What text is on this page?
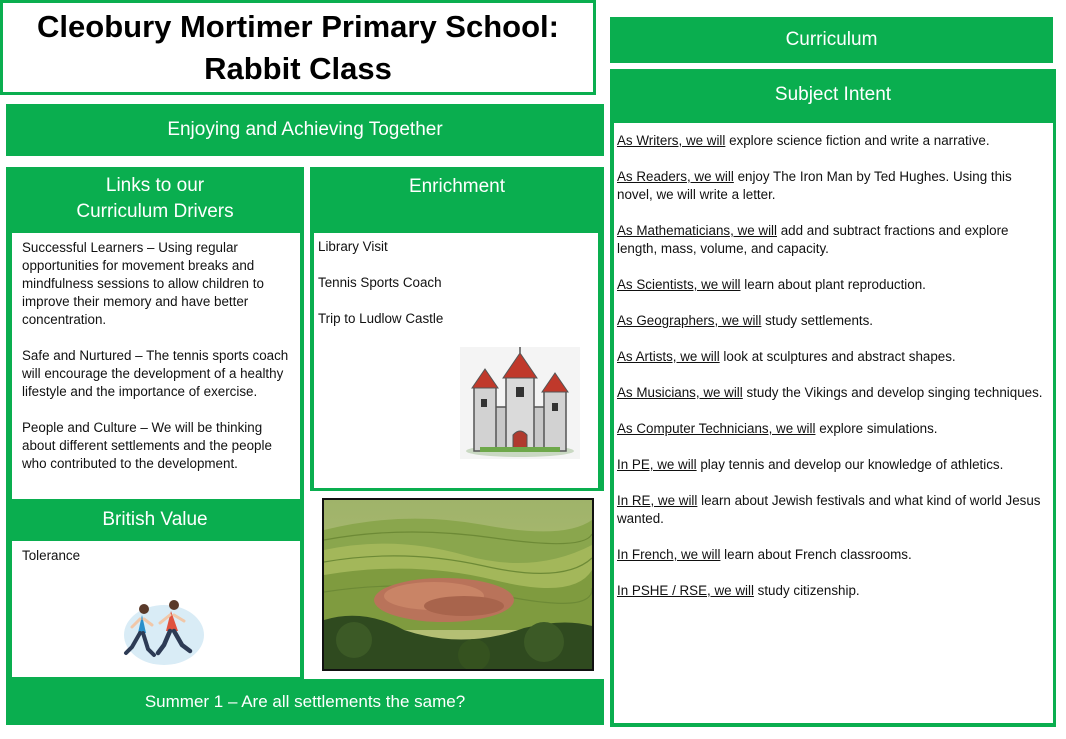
Cleobury Mortimer Primary School:
Rabbit Class
Enjoying and Achieving Together
Links to our
Curriculum Drivers

Successful Learners – Using regular opportunities for movement breaks and mindfulness sessions to allow children to improve their memory and have better concentration.

Safe and Nurtured – The tennis sports coach will encourage the development of a healthy lifestyle and the importance of exercise.

People and Culture – We will be thinking about different settlements and the people who contributed to the development.

British Value
Tolerance
Enrichment

Library Visit

Tennis Sports Coach

Trip to Ludlow Castle

Summer 1 – Are all settlements the same?
Curriculum
Subject Intent
As Writers, we will explore science fiction and write a narrative.
As Readers, we will enjoy The Iron Man by Ted Hughes. Using this novel, we will write a letter.
As Mathematicians, we will add and subtract fractions and explore length, mass, volume, and capacity.
As Scientists, we will learn about plant reproduction.
As Geographers, we will study settlements.
As Artists, we will look at sculptures and abstract shapes.
As Musicians, we will study the Vikings and develop singing techniques.
As Computer Technicians, we will explore simulations.
In PE, we will play tennis and develop our knowledge of athletics.
In RE, we will learn about Jewish festivals and what kind of world Jesus wanted.
In French, we will learn about French classrooms.
In PSHE / RSE, we will study citizenship.
